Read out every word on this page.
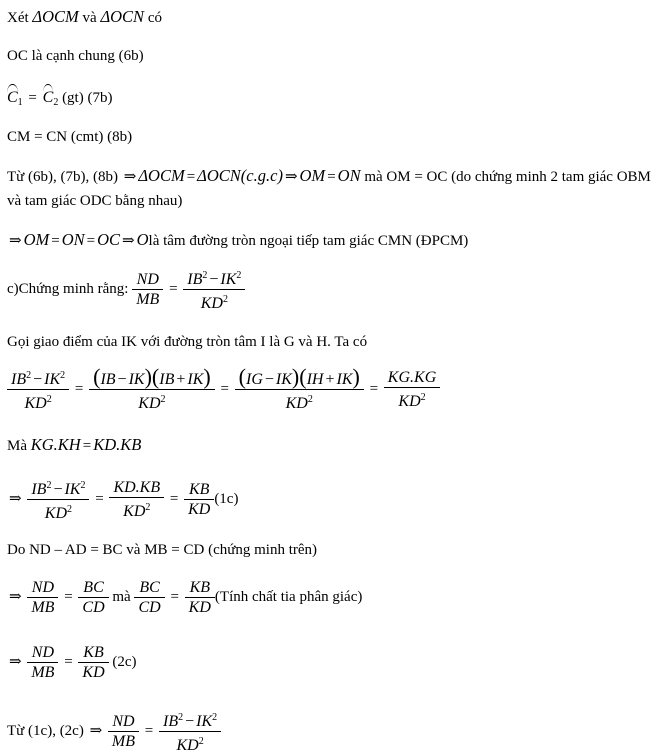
Xét ΔOCM và ΔOCN có
OC là cạnh chung (6b)
$C_1 = C_2$ (gt) (7b)
CM = CN (cmt) (8b)
Từ (6b), (7b), (8b) ⇒ ΔOCM = ΔOCN(c.g.c) ⇒ OM = ON mà OM = OC (do chứng minh 2 tam giác OBM và tam giác ODC bằng nhau)
⇒ OM = ON = OC ⇒ Olà tâm đường tròn ngoại tiếp tam giác CMN (ĐPCM)
c)Chứng minh rằng: $\frac{ND}{MB} = \frac{IB^2 - IK^2}{KD^2}$
Gọi giao điểm của IK với đường tròn tâm I là G và H. Ta có
$\frac{IB^2 - IK^2}{KD^2} = \frac{(IB - IK)(IB + IK)}{KD^2} = \frac{(IG - IK)(IH + IK)}{KD^2} = \frac{KG.KG}{KD^2}$
Mà KG.KH = KD.KB
⇒ $\frac{IB^2 - IK^2}{KD^2} = \frac{KD.KB}{KD^2} = \frac{KB}{KD} (1c)$
Do ND – AD = BC và MB = CD (chứng minh trên)
⇒ $\frac{ND}{MB} = \frac{BC}{CD}$ mà $\frac{BC}{CD} = \frac{KB}{KD}$ (Tính chất tia phân giác)
⇒ $\frac{ND}{MB} = \frac{KB}{KD} (2c)$
Từ (1c), (2c) ⇒ $\frac{ND}{MB} = \frac{IB^2 - IK^2}{KD^2}$
